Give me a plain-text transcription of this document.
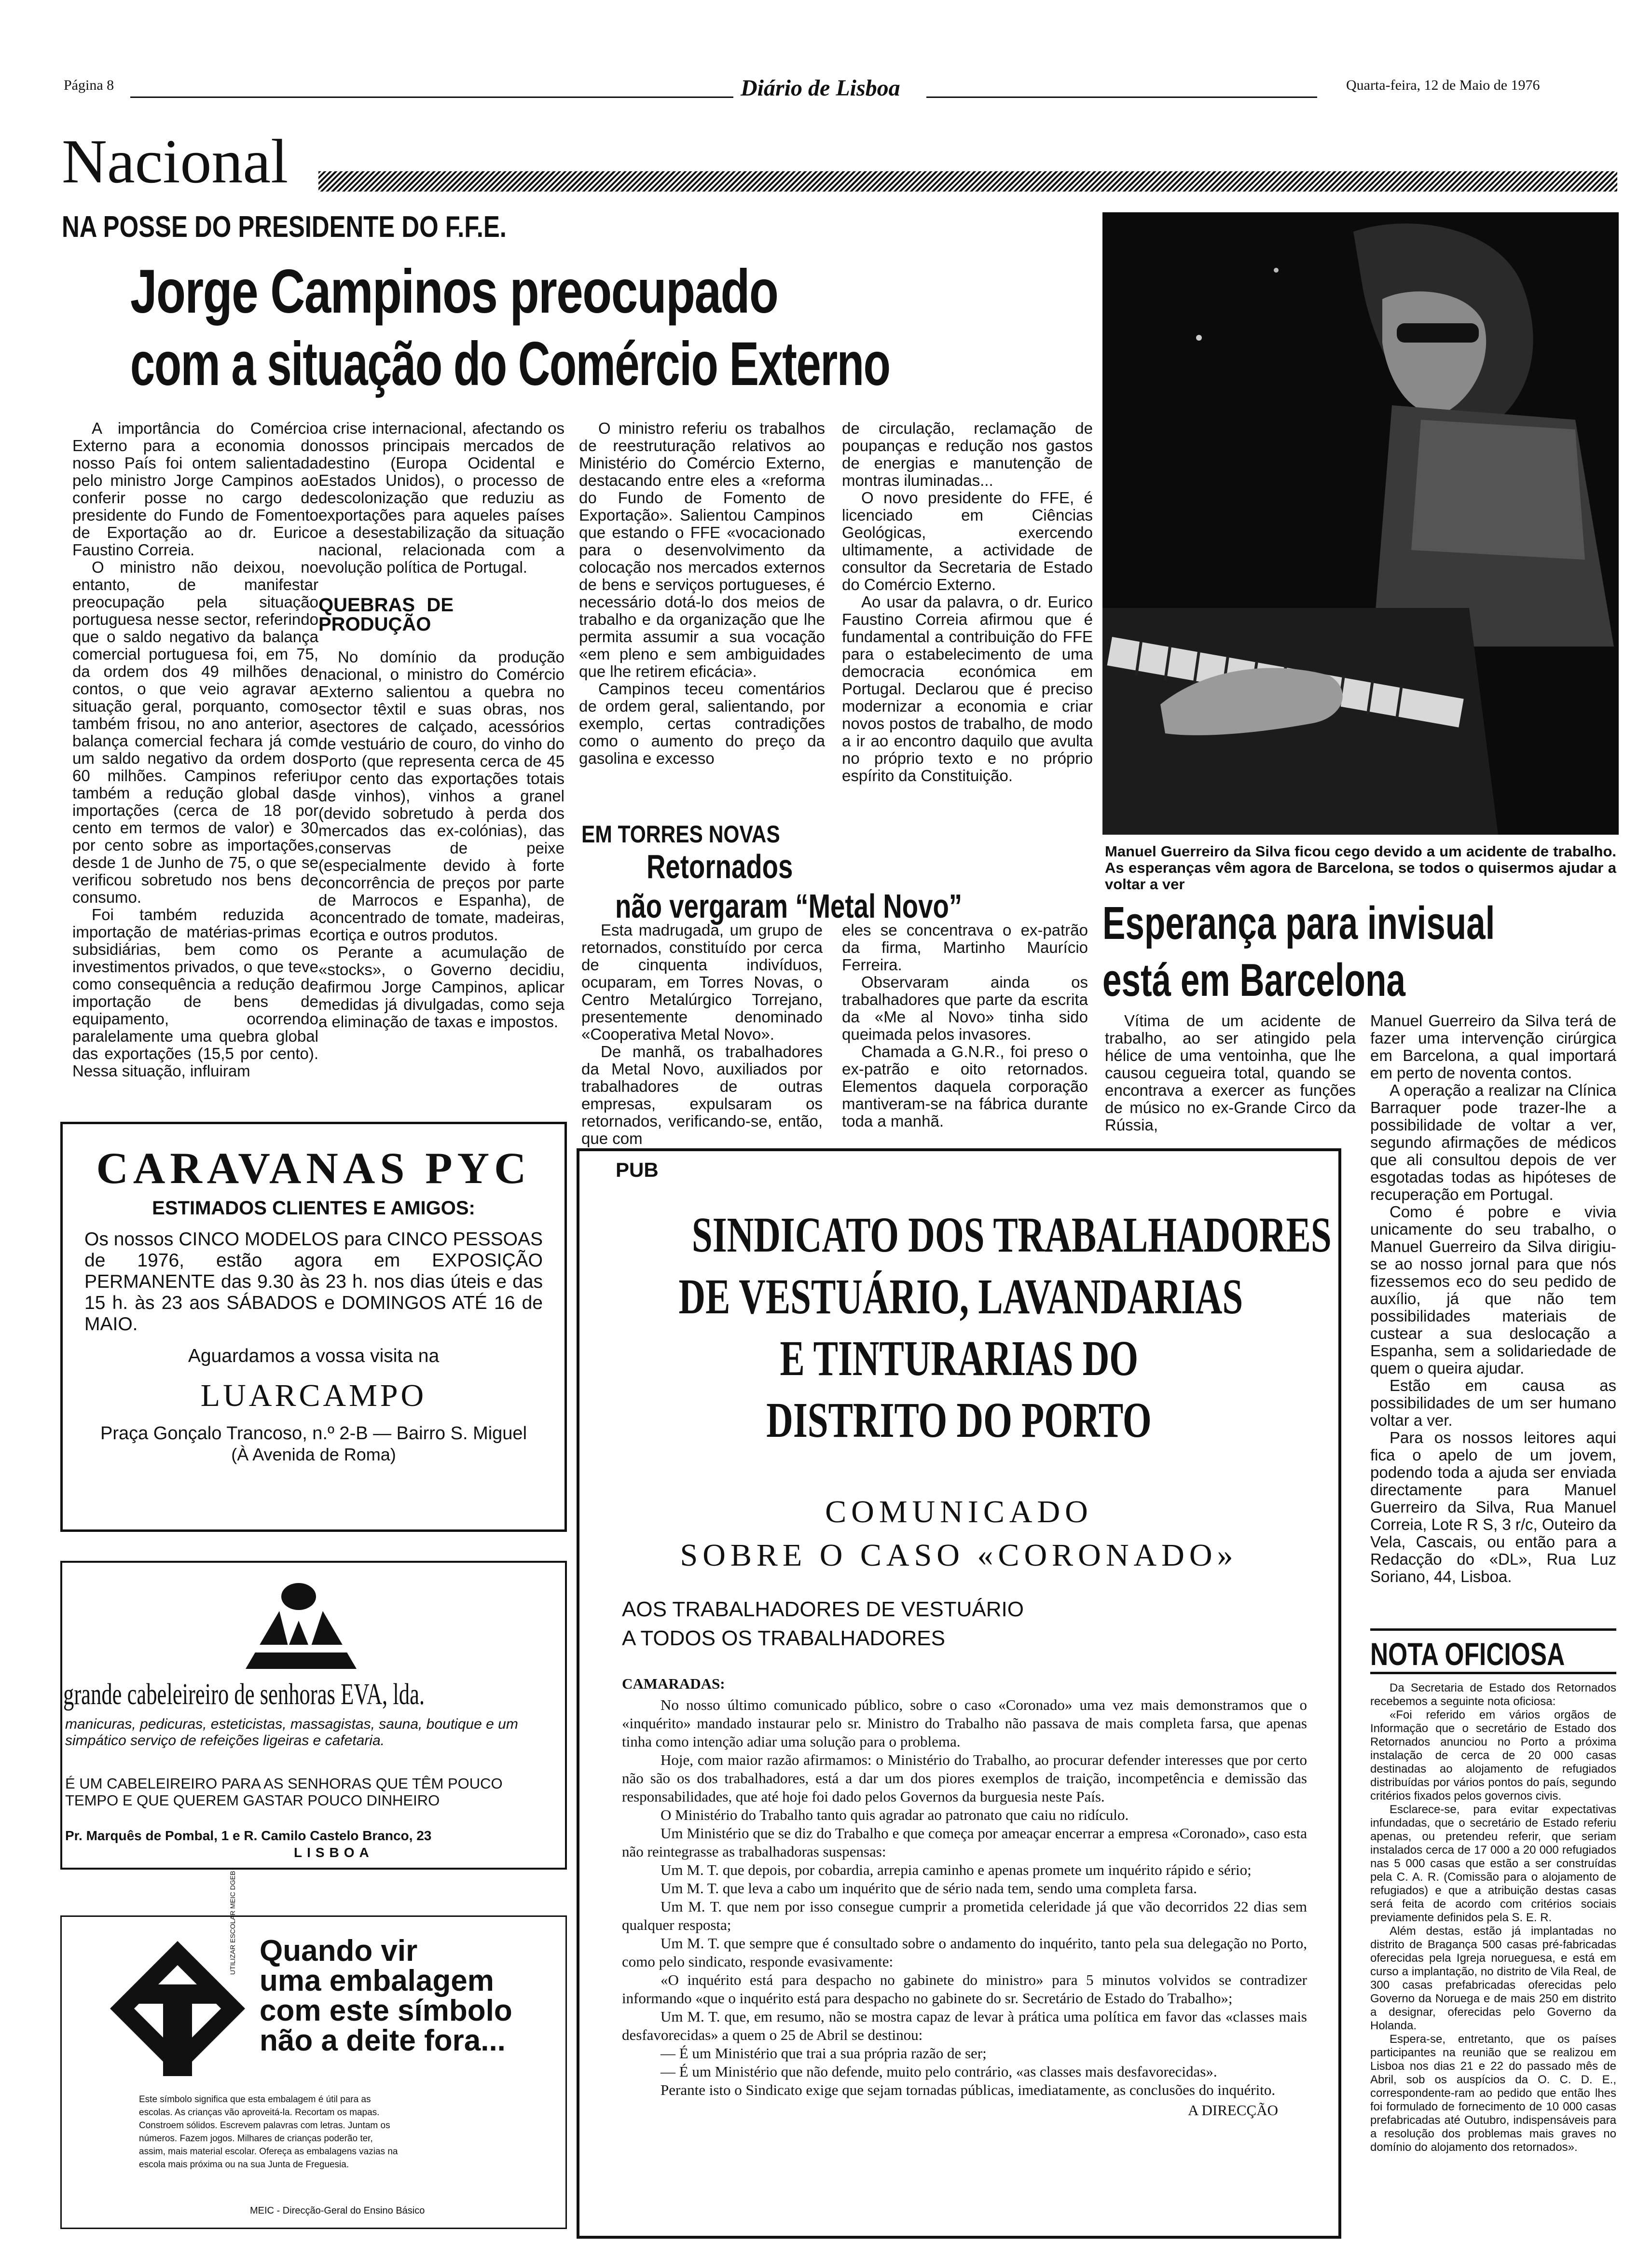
Página 8	Diário de Lisboa	Quarta-feira, 12 de Maio de 1976
Nacional
NA POSSE DO PRESIDENTE DO F.F.E.
Jorge Campinos preocupado
com a situação do Comércio Externo

A importância do Comércio Externo para a economia do nosso País foi ontem salientada pelo ministro Jorge Campinos ao conferir posse no cargo de presidente do Fundo de Fomento de Exportação ao dr. Eurico Faustino Correia.

O ministro não deixou, no entanto, de manifestar preocupação pela situação portuguesa nesse sector, referindo que o saldo negativo da balança comercial portuguesa foi, em 75, da ordem dos 49 milhões de contos, o que veio agravar a situação geral, porquanto, como também frisou, no ano anterior, a balança comercial fechara já com um saldo negativo da ordem dos 60 milhões. Campinos referiu também a redução global das importações (cerca de 18 por cento em termos de valor) e 30 por cento sobre as importações, desde 1 de Junho de 75, o que se verificou sobretudo nos bens de consumo.

Foi também reduzida a importação de matérias-primas e subsidiárias, bem como os investimentos privados, o que teve como consequência a redução de importação de bens de equipamento, ocorrendo paralelamente uma quebra global das exportações (15,5 por cento). Nessa situação, influiram

a crise internacional, afectando os nossos principais mercados de destino (Europa Ocidental e Estados Unidos), o processo de descolonização que reduziu as exportações para aqueles países e a desestabilização da situação nacional, relacionada com a evolução política de Portugal.

QUEBRAS DE PRODUÇÃO

No domínio da produção nacional, o ministro do Comércio Externo salientou a quebra no sector têxtil e suas obras, nos sectores de calçado, acessórios de vestuário de couro, do vinho do Porto (que representa cerca de 45 por cento das exportações totais de vinhos), vinhos a granel (devido sobretudo à perda dos mercados das ex-colónias), das conservas de peixe (especialmente devido à forte concorrência de preços por parte de Marrocos e Espanha), de concentrado de tomate, madeiras, cortiça e outros produtos.

Perante a acumulação de «stocks», o Governo decidiu, afirmou Jorge Campinos, aplicar medidas já divulgadas, como seja a eliminação de taxas e impostos.

O ministro referiu os trabalhos de reestruturação relativos ao Ministério do Comércio Externo, destacando entre eles a «reforma do Fundo de Fomento de Exportação». Salientou Campinos que estando o FFE «vocacionado para o desenvolvimento da colocação nos mercados externos de bens e serviços portugueses, é necessário dotá-lo dos meios de trabalho e da organização que lhe permita assumir a sua vocação «em pleno e sem ambiguidades que lhe retirem eficácia».

Campinos teceu comentários de ordem geral, salientando, por exemplo, certas contradições como o aumento do preço da gasolina e excesso

de circulação, reclamação de poupanças e redução nos gastos de energias e manutenção de montras iluminadas...

O novo presidente do FFE, é licenciado em Ciências Geológicas, exercendo ultimamente, a actividade de consultor da Secretaria de Estado do Comércio Externo.

Ao usar da palavra, o dr. Eurico Faustino Correia afirmou que é fundamental a contribuição do FFE para o estabelecimento de uma democracia económica em Portugal. Declarou que é preciso modernizar a economia e criar novos postos de trabalho, de modo a ir ao encontro daquilo que avulta no próprio texto e no próprio espírito da Constituição.

Manuel Guerreiro da Silva ficou cego devido a um acidente de trabalho. As esperanças vêm agora de Barcelona, se todos o quisermos ajudar a voltar a ver
Esperança para invisual
está em Barcelona

Vítima de um acidente de trabalho, ao ser atingido pela hélice de uma ventoinha, que lhe causou cegueira total, quando se encontrava a exercer as funções de músico no ex-Grande Circo da Rússia,

Manuel Guerreiro da Silva terá de fazer uma intervenção cirúrgica em Barcelona, a qual importará em perto de noventa contos.

A operação a realizar na Clínica Barraquer pode trazer-lhe a possibilidade de voltar a ver, segundo afirmações de médicos que ali consultou depois de ver esgotadas todas as hipóteses de recuperação em Portugal.

Como é pobre e vivia unicamente do seu trabalho, o Manuel Guerreiro da Silva dirigiu-se ao nosso jornal para que nós fizessemos eco do seu pedido de auxílio, já que não tem possibilidades materiais de custear a sua deslocação a Espanha, sem a solidariedade de quem o queira ajudar.

Estão em causa as possibilidades de um ser humano voltar a ver.

Para os nossos leitores aqui fica o apelo de um jovem, podendo toda a ajuda ser enviada directamente para Manuel Guerreiro da Silva, Rua Manuel Correia, Lote R S, 3 r/c, Outeiro da Vela, Cascais, ou então para a Redacção do «DL», Rua Luz Soriano, 44, Lisboa.

EM TORRES NOVAS
Retornados
não vergaram “Metal Novo”

Esta madrugada, um grupo de retornados, constituído por cerca de cinquenta indivíduos, ocuparam, em Torres Novas, o Centro Metalúrgico Torrejano, presentemente denominado «Cooperativa Metal Novo».

De manhã, os trabalhadores da Metal Novo, auxiliados por trabalhadores de outras empresas, expulsaram os retornados, verificando-se, então, que com

eles se concentrava o ex-patrão da firma, Martinho Maurício Ferreira.

Observaram ainda os trabalhadores que parte da escrita da «Me al Novo» tinha sido queimada pelos invasores.

Chamada a G.N.R., foi preso o ex-patrão e oito retornados. Elementos daquela corporação mantiveram-se na fábrica durante toda a manhã.

CARAVANAS PYC
ESTIMADOS CLIENTES E AMIGOS:
Os nossos CINCO MODELOS para CINCO PESSOAS de 1976, estão agora em EXPOSIÇÃO PERMANENTE das 9.30 às 23 h. nos dias úteis e das 15 h. às 23 aos SÁBADOS e DOMINGOS ATÉ 16 de MAIO.
Aguardamos a vossa visita na
LUARCAMPO
Praça Gonçalo Trancoso, n.º 2-B — Bairro S. Miguel
(À Avenida de Roma)
grande cabeleireiro de senhoras EVA, lda.
manicuras, pedicuras, esteticistas, massagistas, sauna, boutique e um simpático serviço de refeições ligeiras e cafetaria.
É UM CABELEIREIRO PARA AS SENHORAS QUE TÊM POUCO TEMPO E QUE QUEREM GASTAR POUCO DINHEIRO
Pr. Marquês de Pombal, 1 e R. Camilo Castelo Branco, 23
LISBOA
UTILIZAR ESCOLAR MEIC DGEB Quando vir
uma embalagem
com este símbolo
não a deite fora...
Este símbolo significa que esta embalagem é útil para as escolas. As crianças vão aproveitá-la. Recortam os mapas. Constroem sólidos. Escrevem palavras com letras. Juntam os números. Fazem jogos. Milhares de crianças poderão ter, assim, mais material escolar. Ofereça as embalagens vazias na escola mais próxima ou na sua Junta de Freguesia.
MEIC - Direcção-Geral do Ensino Básico
PUB
SINDICATO DOS TRABALHADORES
DE VESTUÁRIO, LAVANDARIAS
E TINTURARIAS DO
DISTRITO DO PORTO
COMUNICADO
SOBRE O CASO «CORONADO»
AOS TRABALHADORES DE VESTUÁRIO
A TODOS OS TRABALHADORES
CAMARADAS:

No nosso último comunicado público, sobre o caso «Coronado» uma vez mais demonstramos que o «inquérito» mandado instaurar pelo sr. Ministro do Trabalho não passava de mais completa farsa, que apenas tinha como intenção adiar uma solução para o problema.

Hoje, com maior razão afirmamos: o Ministério do Trabalho, ao procurar defender interesses que por certo não são os dos trabalhadores, está a dar um dos piores exemplos de traição, incompetência e demissão das responsabilidades, que até hoje foi dado pelos Governos da burguesia neste País.

O Ministério do Trabalho tanto quis agradar ao patronato que caiu no ridículo.

Um Ministério que se diz do Trabalho e que começa por ameaçar encerrar a empresa «Coronado», caso esta não reintegrasse as trabalhadoras suspensas:

Um M. T. que depois, por cobardia, arrepia caminho e apenas promete um inquérito rápido e sério;

Um M. T. que leva a cabo um inquérito que de sério nada tem, sendo uma completa farsa.

Um M. T. que nem por isso consegue cumprir a prometida celeridade já que vão decorridos 22 dias sem qualquer resposta;

Um M. T. que sempre que é consultado sobre o andamento do inquérito, tanto pela sua delegação no Porto, como pelo sindicato, responde evasivamente:

«O inquérito está para despacho no gabinete do ministro» para 5 minutos volvidos se contradizer informando «que o inquérito está para despacho no gabinete do sr. Secretário de Estado do Trabalho»;

Um M. T. que, em resumo, não se mostra capaz de levar à prática uma política em favor das «classes mais desfavorecidas» a quem o 25 de Abril se destinou:

— É um Ministério que trai a sua própria razão de ser;

— É um Ministério que não defende, muito pelo contrário, «as classes mais desfavorecidas».

Perante isto o Sindicato exige que sejam tornadas públicas, imediatamente, as conclusões do inquérito.

A DIRECÇÃO
NOTA OFICIOSA

Da Secretaria de Estado dos Retornados recebemos a seguinte nota oficiosa:

«Foi referido em vários orgãos de Informação que o secretário de Estado dos Retornados anunciou no Porto a próxima instalação de cerca de 20 000 casas destinadas ao alojamento de refugiados distribuídas por vários pontos do país, segundo critérios fixados pelos governos civis.

Esclarece-se, para evitar expectativas infundadas, que o secretário de Estado referiu apenas, ou pretendeu referir, que seriam instalados cerca de 17 000 a 20 000 refugiados nas 5 000 casas que estão a ser construídas pela C. A. R. (Comissão para o alojamento de refugiados) e que a atribuição destas casas será feita de acordo com critérios sociais previamente definidos pela S. E. R.

Além destas, estão já implantadas no distrito de Bragança 500 casas pré-fabricadas oferecidas pela Igreja norueguesa, e está em curso a implantação, no distrito de Vila Real, de 300 casas prefabricadas oferecidas pelo Governo da Noruega e de mais 250 em distrito a designar, oferecidas pelo Governo da Holanda.

Espera-se, entretanto, que os países participantes na reunião que se realizou em Lisboa nos dias 21 e 22 do passado mês de Abril, sob os auspícios da O. C. D. E., correspondente-ram ao pedido que então lhes foi formulado de fornecimento de 10 000 casas prefabricadas até Outubro, indispensáveis para a resolução dos problemas mais graves no domínio do alojamento dos retornados».
